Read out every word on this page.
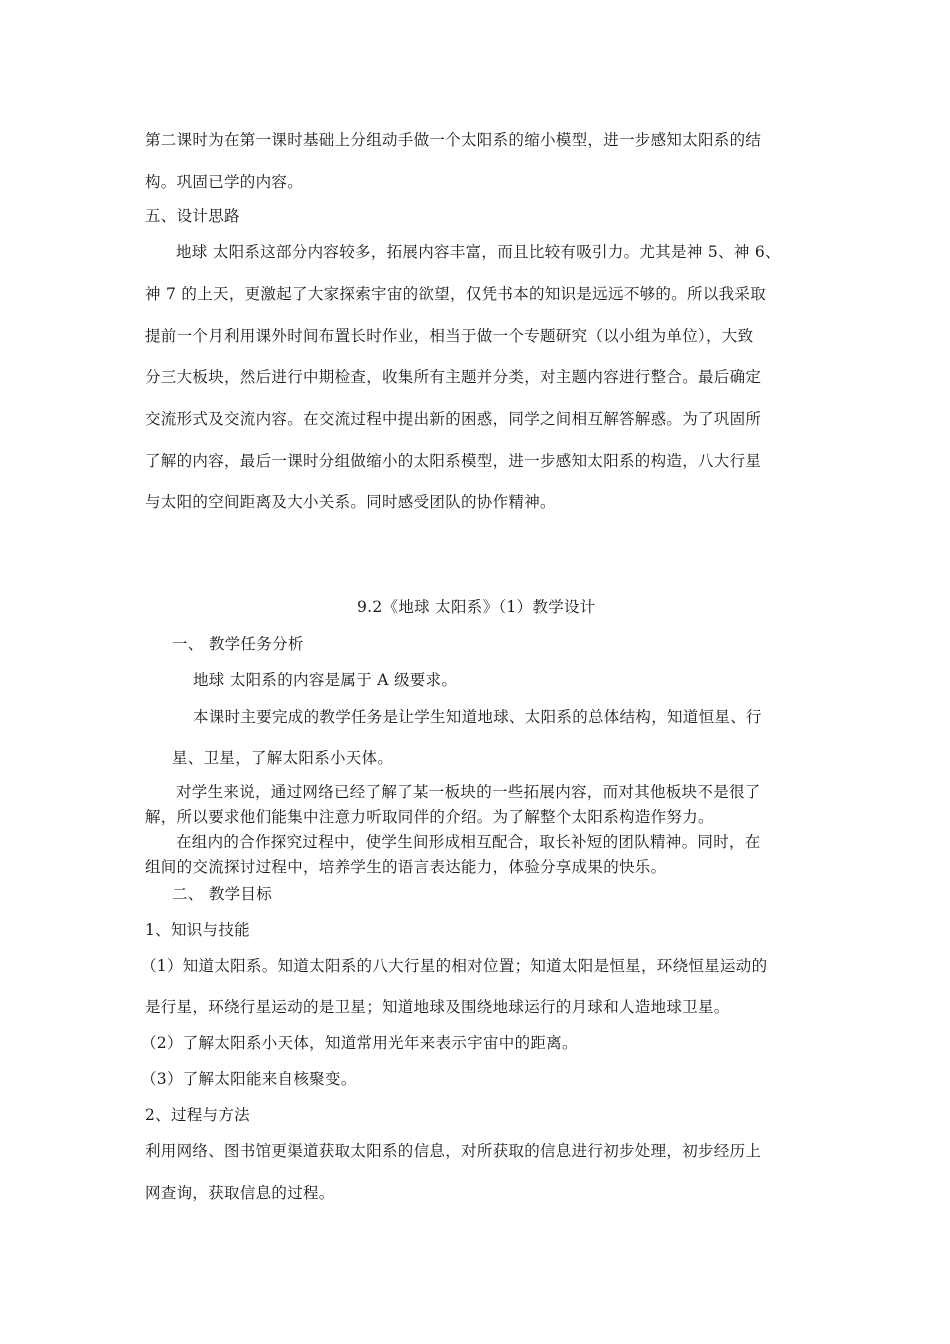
第二课时为在第一课时基础上分组动手做一个太阳系的缩小模型，进一步感知太阳系的结
构。巩固已学的内容。
五、设计思路
地球 太阳系这部分内容较多，拓展内容丰富，而且比较有吸引力。尤其是神 5、神 6、
神 7 的上天，更激起了大家探索宇宙的欲望，仅凭书本的知识是远远不够的。所以我采取
提前一个月利用课外时间布置长时作业，相当于做一个专题研究（以小组为单位），大致
分三大板块，然后进行中期检查，收集所有主题并分类，对主题内容进行整合。最后确定
交流形式及交流内容。在交流过程中提出新的困惑，同学之间相互解答解惑。为了巩固所
了解的内容，最后一课时分组做缩小的太阳系模型，进一步感知太阳系的构造，八大行星
与太阳的空间距离及大小关系。同时感受团队的协作精神。
9.2《地球 太阳系》（1）教学设计
一、 教学任务分析
地球 太阳系的内容是属于 A 级要求。
本课时主要完成的教学任务是让学生知道地球、太阳系的总体结构，知道恒星、行
星、卫星，了解太阳系小天体。
对学生来说，通过网络已经了解了某一板块的一些拓展内容，而对其他板块不是很了
解，所以要求他们能集中注意力听取同伴的介绍。为了解整个太阳系构造作努力。
在组内的合作探究过程中，使学生间形成相互配合，取长补短的团队精神。同时，在
组间的交流探讨过程中，培养学生的语言表达能力，体验分享成果的快乐。
二、 教学目标
1、知识与技能
（1）知道太阳系。知道太阳系的八大行星的相对位置；知道太阳是恒星，环绕恒星运动的
是行星，环绕行星运动的是卫星；知道地球及围绕地球运行的月球和人造地球卫星。
（2）了解太阳系小天体，知道常用光年来表示宇宙中的距离。
（3）了解太阳能来自核聚变。
2、过程与方法
利用网络、图书馆更渠道获取太阳系的信息，对所获取的信息进行初步处理，初步经历上
网查询，获取信息的过程。
